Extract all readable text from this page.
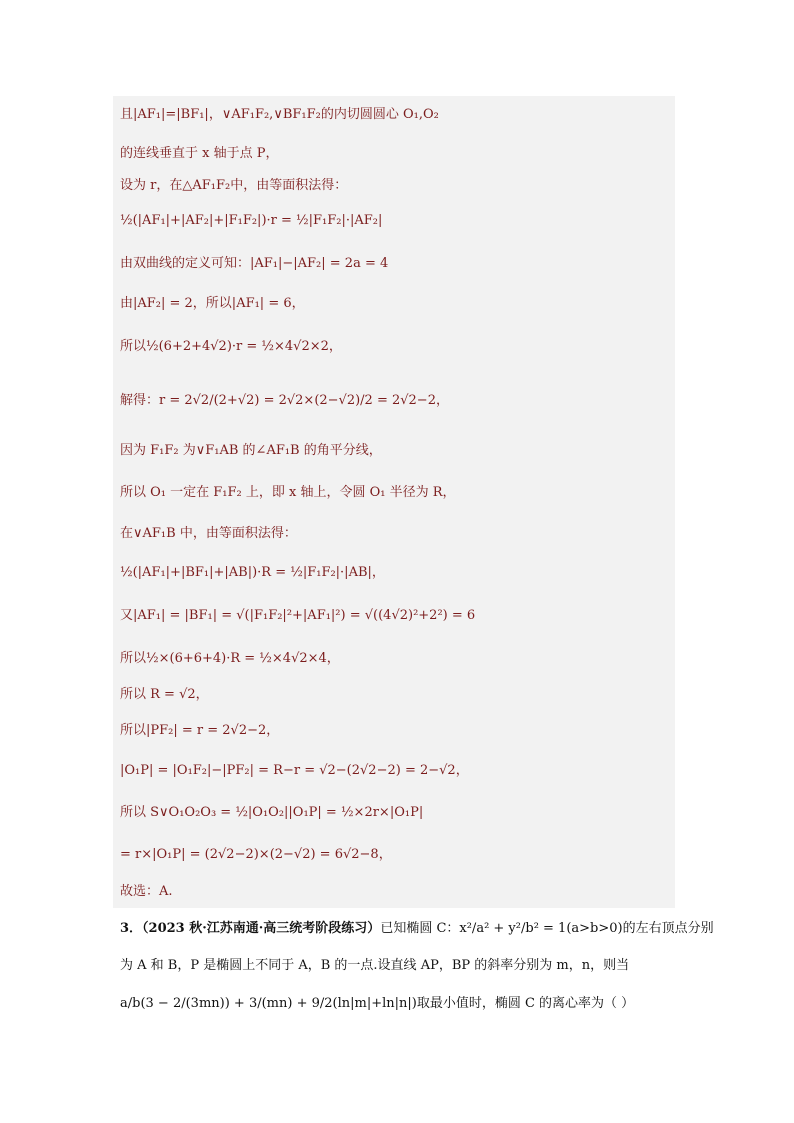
且|AF₁|=|BF₁|，∨AF₁F₂,∨BF₁F₂的内切圆圆心 O₁,O₂
的连线垂直于 x 轴于点 P，
设为 r，在△AF₁F₂中，由等面积法得：
½(|AF₁|+|AF₂|+|F₁F₂|)·r = ½|F₁F₂|·|AF₂|
由双曲线的定义可知：|AF₁|−|AF₂| = 2a = 4
由|AF₂| = 2，所以|AF₁| = 6，
所以½(6+2+4√2)·r = ½×4√2×2，
解得：r = 2√2/(2+√2) = 2√2×(2−√2)/2 = 2√2−2，
因为 F₁F₂ 为∨F₁AB 的∠AF₁B 的角平分线，
所以 O₁ 一定在 F₁F₂ 上，即 x 轴上，令圆 O₁ 半径为 R，
在∨AF₁B 中，由等面积法得：
½(|AF₁|+|BF₁|+|AB|)·R = ½|F₁F₂|·|AB|，
又|AF₁| = |BF₁| = √(|F₁F₂|²+|AF₁|²) = √((4√2)²+2²) = 6
所以½×(6+6+4)·R = ½×4√2×4，
所以 R = √2，
所以|PF₂| = r = 2√2−2，
|O₁P| = |O₁F₂|−|PF₂| = R−r = √2−(2√2−2) = 2−√2，
所以 S∨O₁O₂O₃ = ½|O₁O₂||O₁P| = ½×2r×|O₁P|
= r×|O₁P| = (2√2−2)×(2−√2) = 6√2−8，
故选：A.
3．（2023 秋·江苏南通·高三统考阶段练习）已知椭圆 C：x²/a² + y²/b² = 1(a>b>0)的左右顶点分别
为 A 和 B，P 是椭圆上不同于 A，B 的一点.设直线 AP，BP 的斜率分别为 m，n，则当
a/b(3 − 2/(3mn)) + 3/(mn) + 9/2(ln|m|+ln|n|)取最小值时，椭圆 C 的离心率为（ ）
